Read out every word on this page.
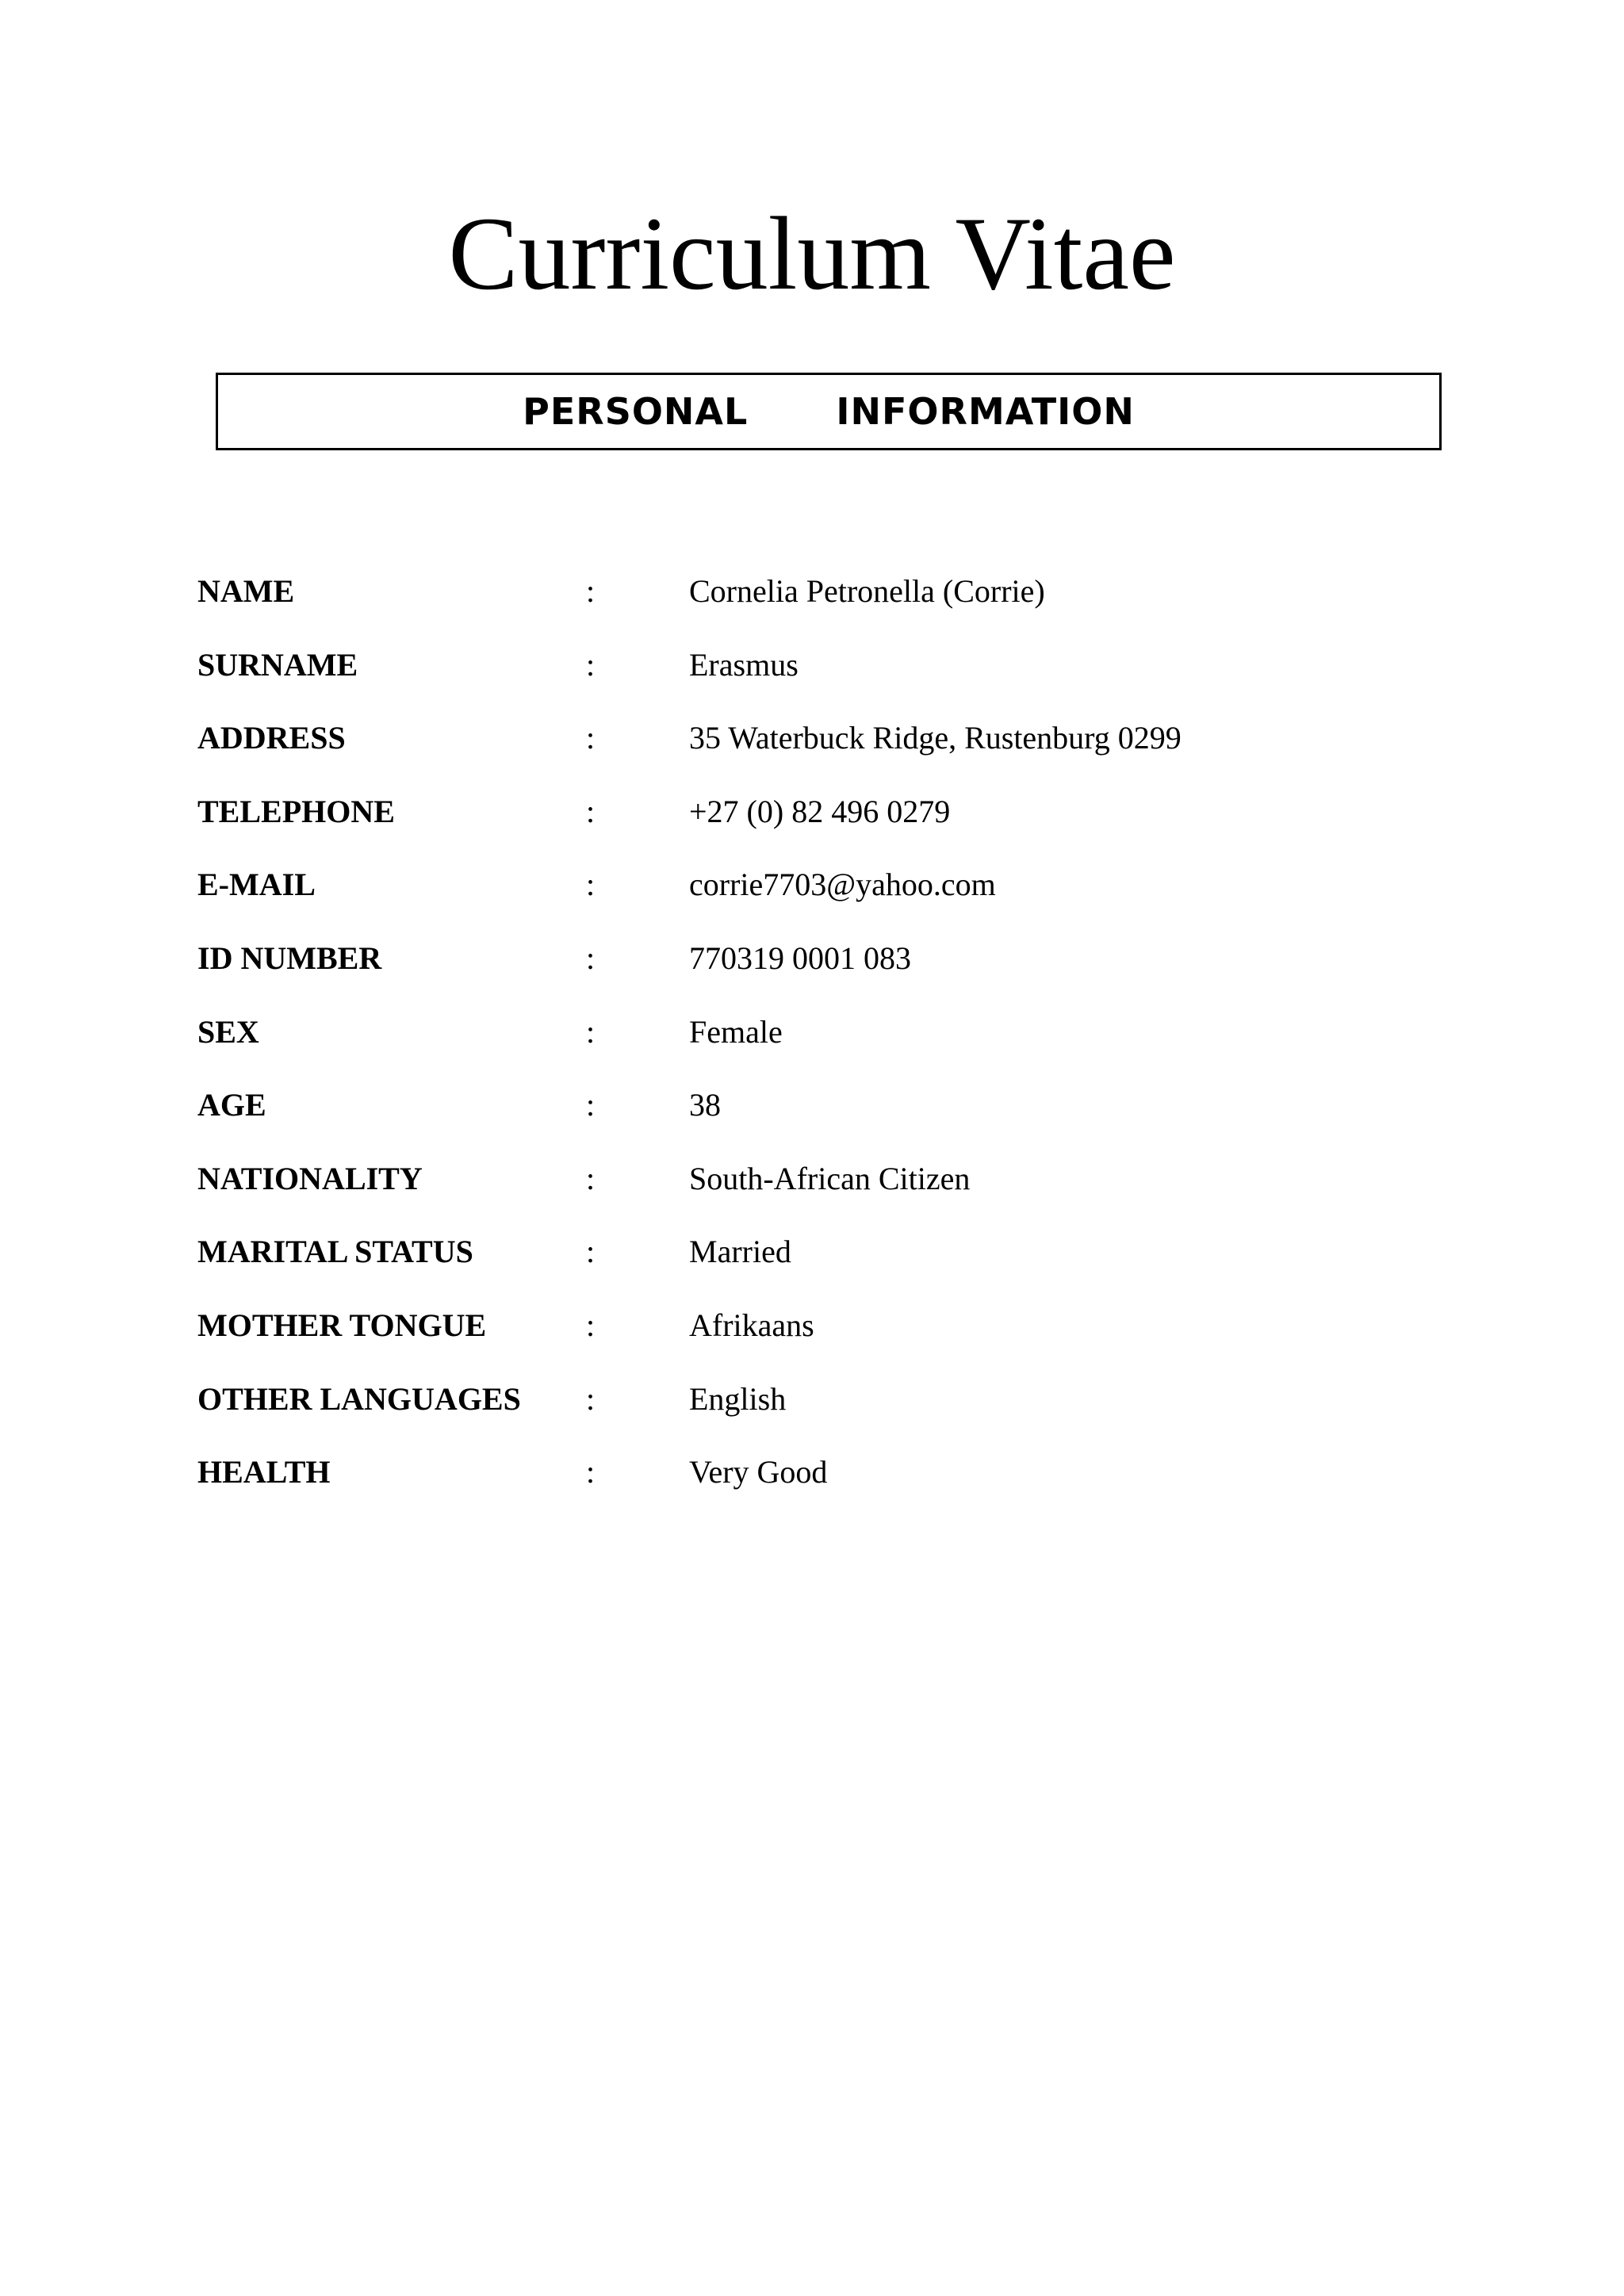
Curriculum Vitae
PERSONAL   INFORMATION
NAME	:	Cornelia Petronella (Corrie)
SURNAME	:	Erasmus
ADDRESS	:	35 Waterbuck Ridge, Rustenburg 0299
TELEPHONE	:	+27 (0) 82 496 0279
E-MAIL	:	corrie7703@yahoo.com
ID NUMBER	:	770319 0001 083
SEX	:	Female
AGE	:	38
NATIONALITY	:	South-African Citizen
MARITAL STATUS	:	Married
MOTHER TONGUE	:	Afrikaans
OTHER LANGUAGES	:	English
HEALTH	:	Very Good
